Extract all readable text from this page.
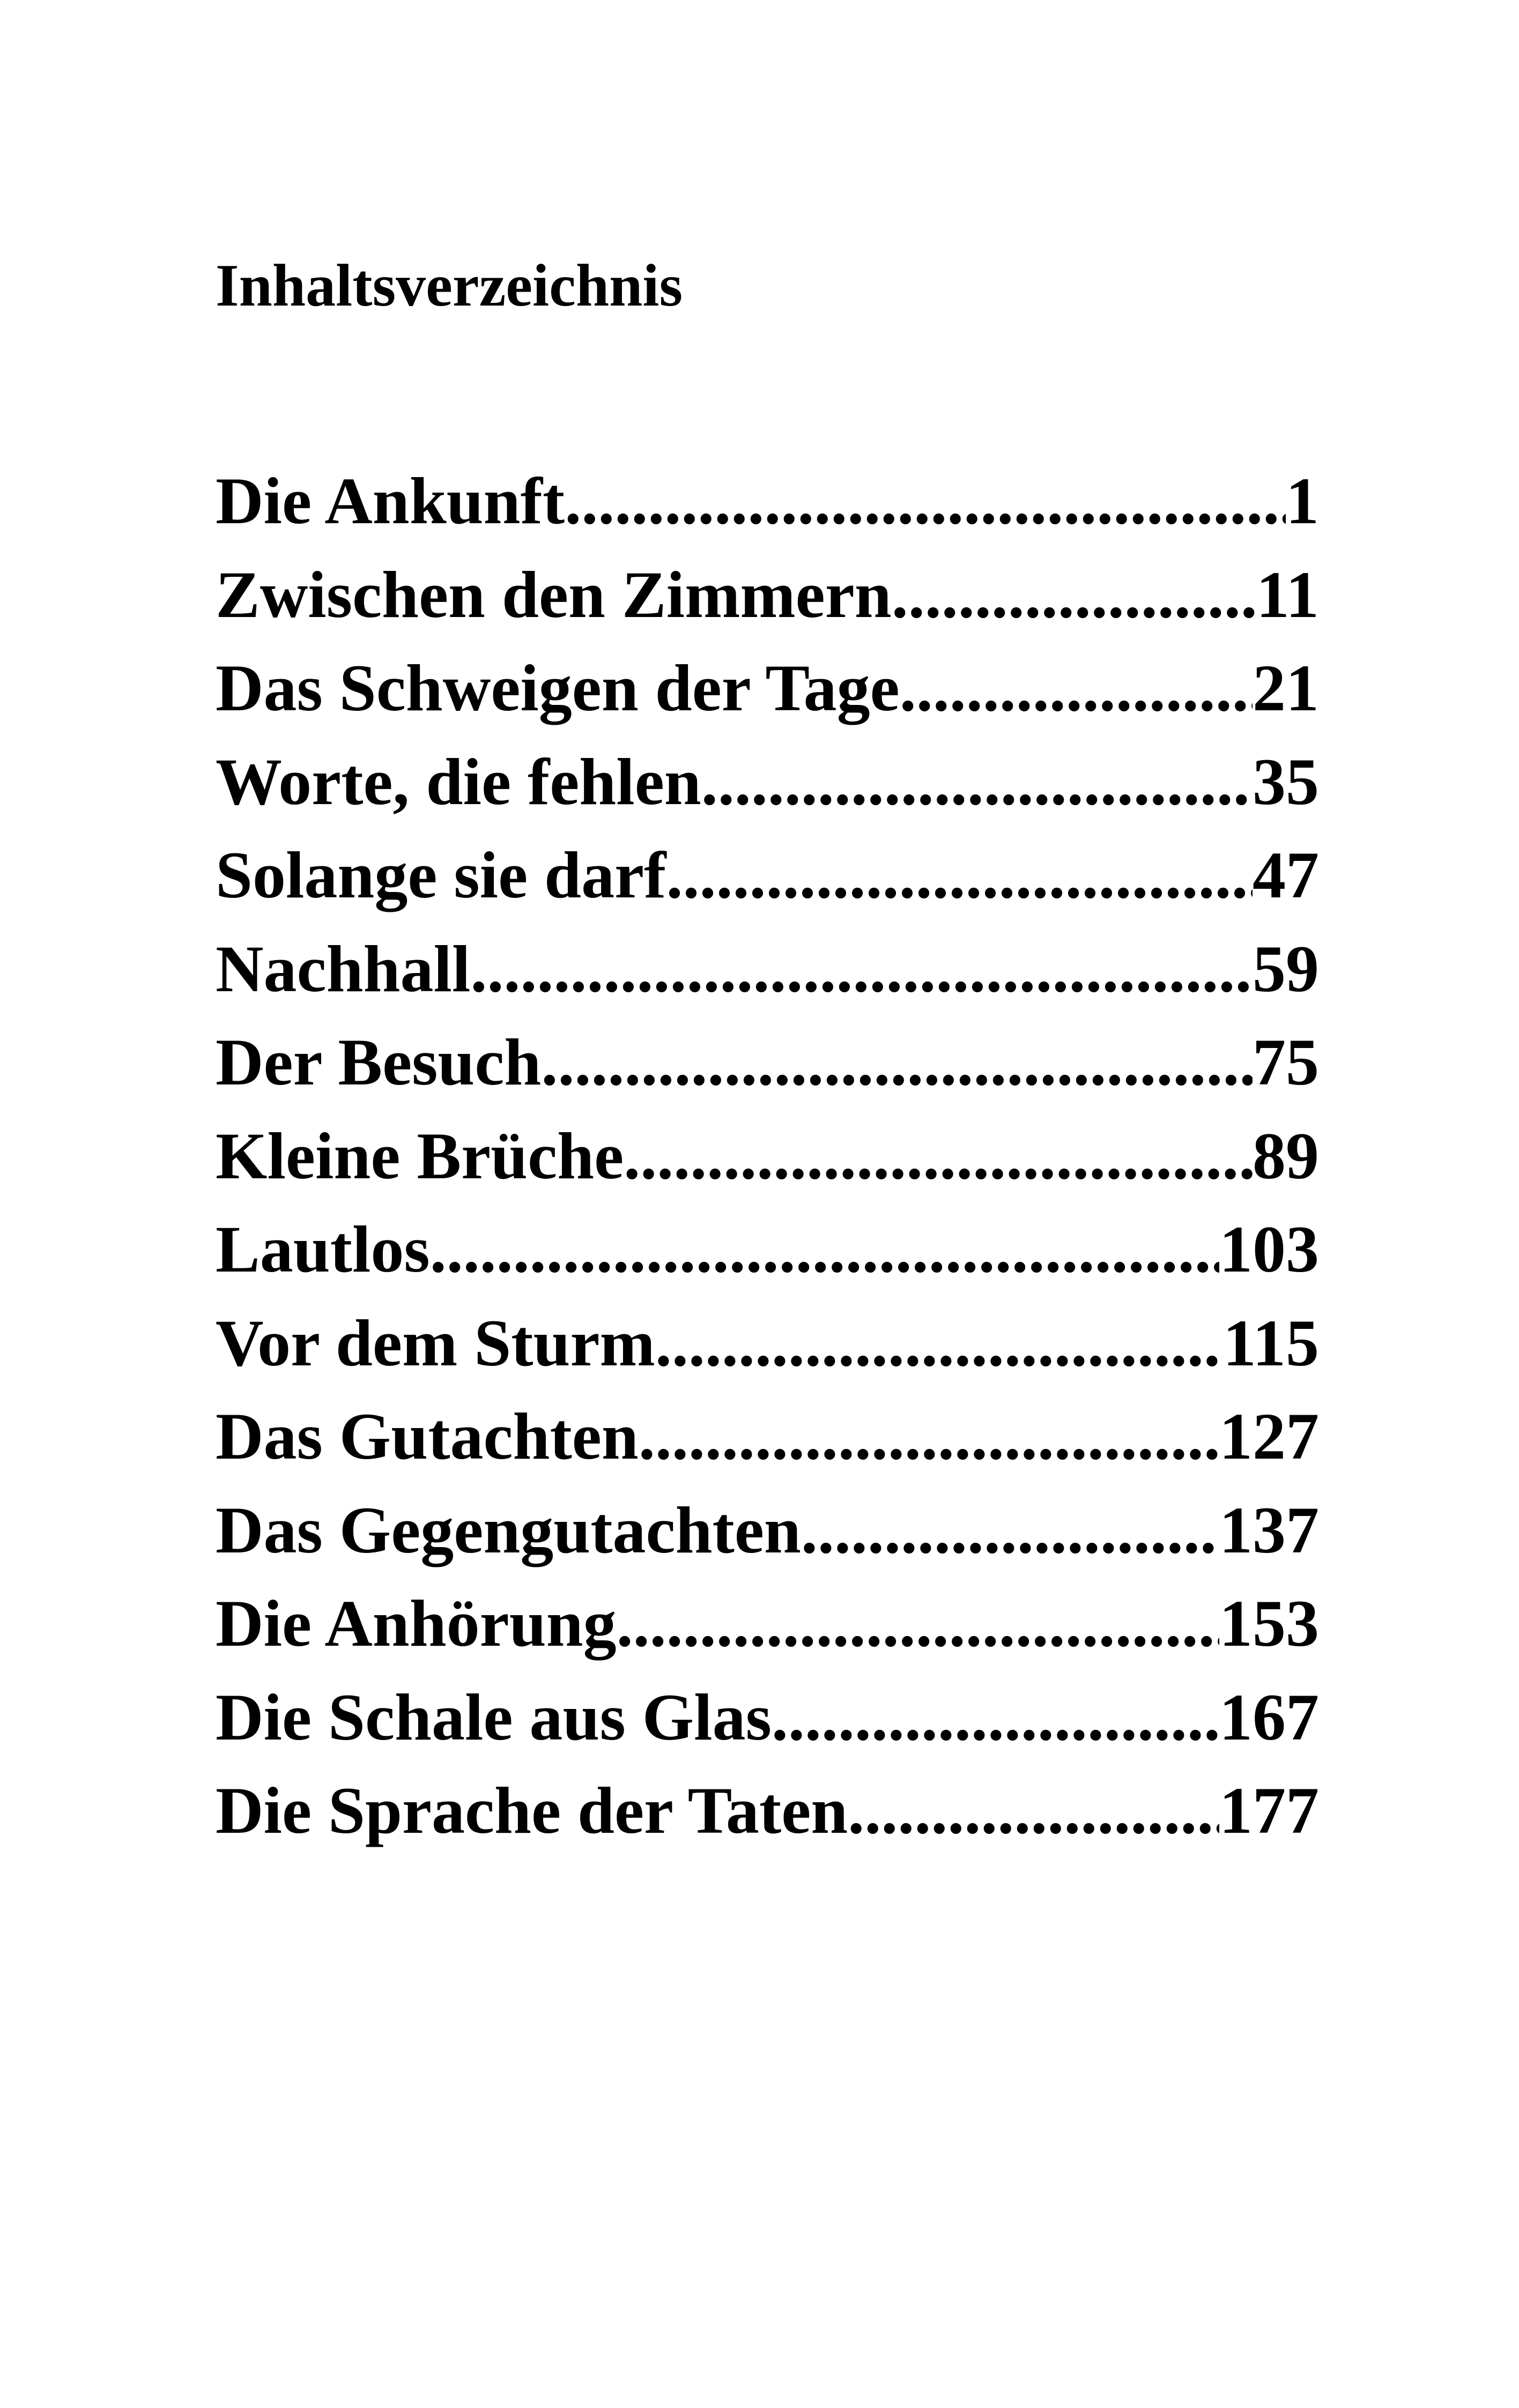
Inhaltsverzeichnis
Die Ankunft .....	1
Zwischen den Zimmern .....	11
Das Schweigen der Tage .....	21
Worte, die fehlen .....	35
Solange sie darf .....	47
Nachhall .....	59
Der Besuch .....	75
Kleine Brüche .....	89
Lautlos .....	103
Vor dem Sturm .....	115
Das Gutachten .....	127
Das Gegengutachten .....	137
Die Anhörung .....	153
Die Schale aus Glas .....	167
Die Sprache der Taten .....	177
